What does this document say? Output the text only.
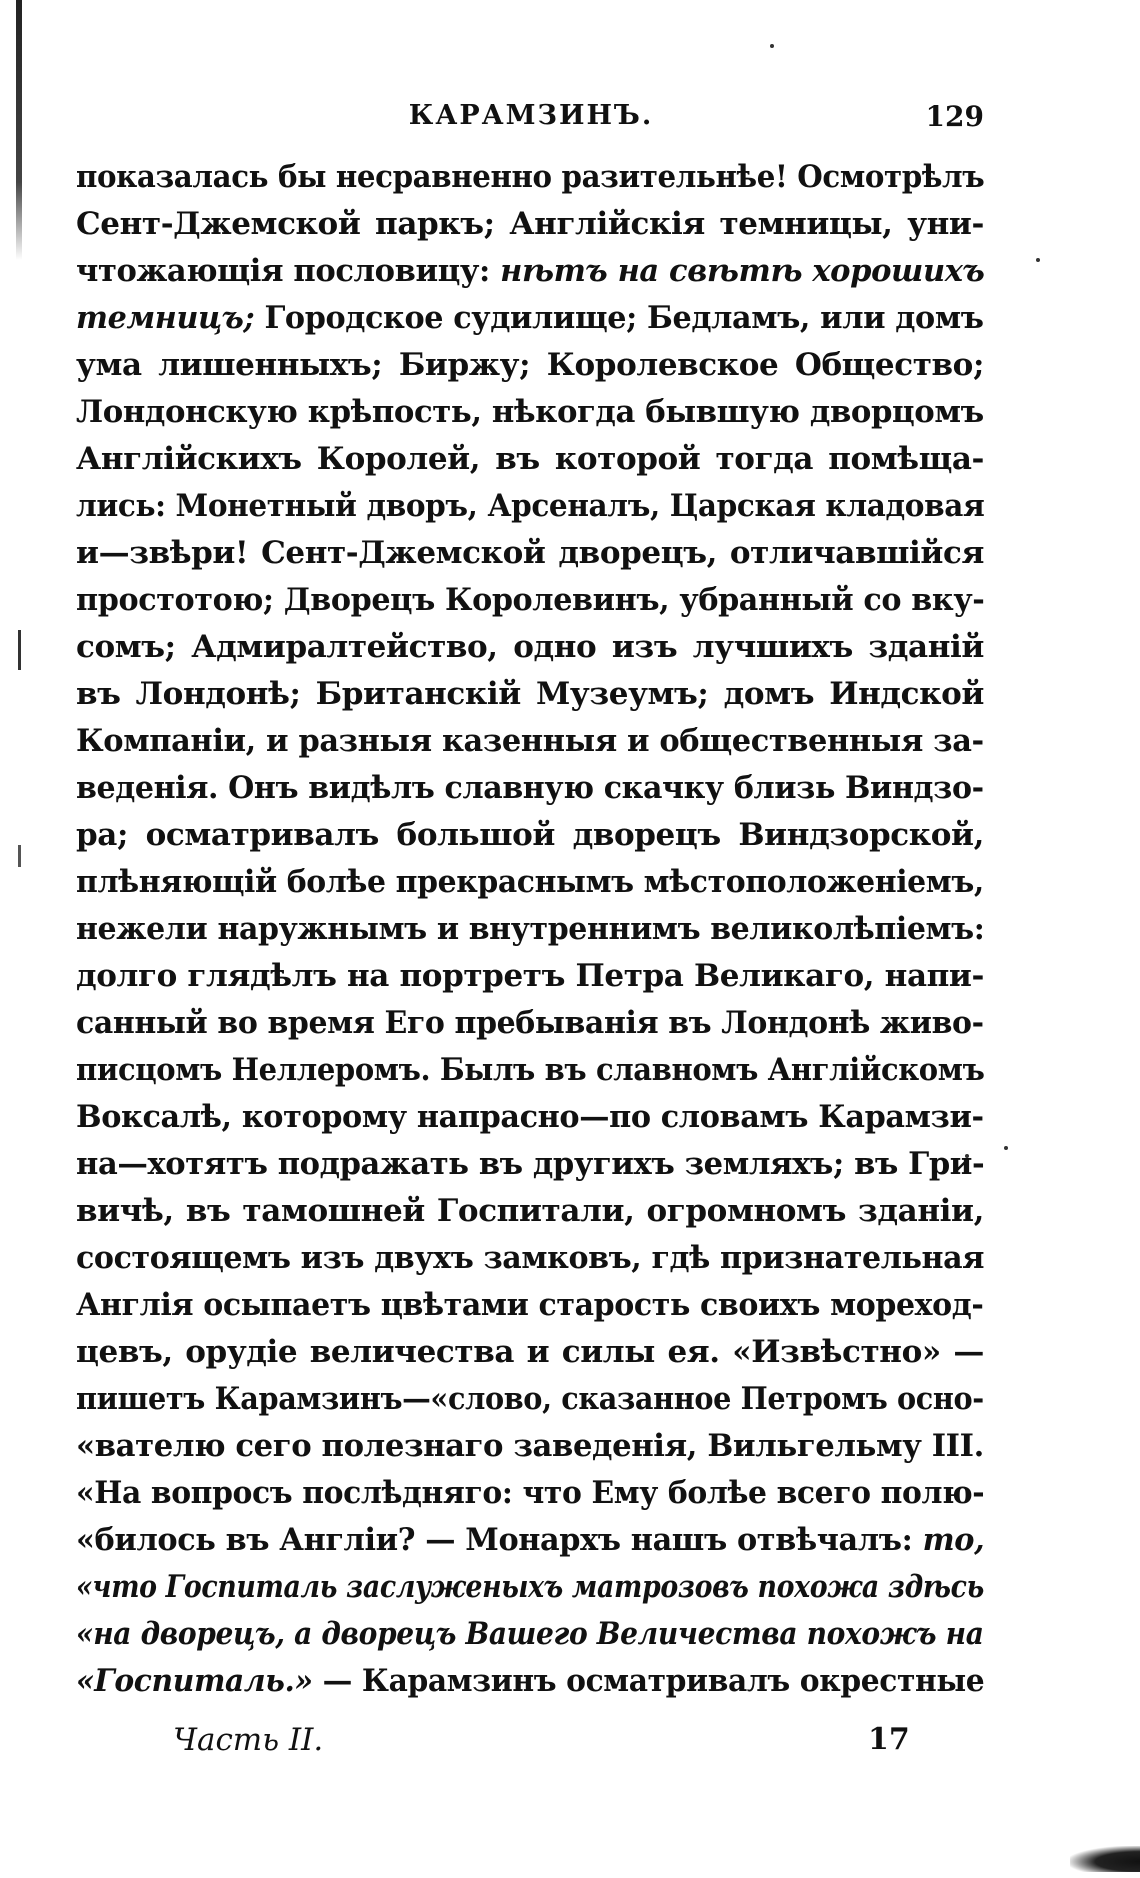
КАРАМЗИНЪ.	129
показалась бы несравненно разительнѣе! Осмотрѣлъ
Сент-Джемской паркъ; Англійскія темницы, уни-
чтожающія пословицу: нѣтъ на свѣтѣ хорошихъ
темницъ; Городское судилище; Бедламъ, или домъ
ума лишенныхъ; Биржу; Королевское Общество;
Лондонскую крѣпость, нѣкогда бывшую дворцомъ
Англійскихъ Королей, въ которой тогда помѣща-
лись: Монетный дворъ, Арсеналъ, Царская кладовая
и—звѣри! Сент-Джемской дворецъ, отличавшійся
простотою; Дворецъ Королевинъ, убранный со вку-
сомъ; Адмиралтейство, одно изъ лучшихъ зданій
въ Лондонѣ; Британскій Музеумъ; домъ Индской
Компаніи, и разныя казенныя и общественныя за-
веденія. Онъ видѣлъ славную скачку близь Виндзо-
ра; осматривалъ большой дворецъ Виндзорской,
плѣняющій болѣе прекраснымъ мѣстоположеніемъ,
нежели наружнымъ и внутреннимъ великолѣпіемъ:
долго глядѣлъ на портретъ Петра Великаго, напи-
санный во время Его пребыванія въ Лондонѣ живо-
писцомъ Неллеромъ. Былъ въ славномъ Англійскомъ
Воксалѣ, которому напрасно—по словамъ Карамзи-
на—хотятъ подражать въ другихъ земляхъ; въ Гри-
вичѣ, въ тамошней Госпитали, огромномъ зданіи,
состоящемъ изъ двухъ замковъ, гдѣ признательная
Англія осыпаетъ цвѣтами старость своихъ мореход-
цевъ, орудіе величества и силы ея. «Извѣстно» —
пишетъ Карамзинъ—«слово, сказанное Петромъ осно-
«вателю сего полезнаго заведенія, Вильгельму III.
«На вопросъ послѣдняго: что Ему болѣе всего полю-
«билось въ Англіи? — Монархъ нашъ отвѣчалъ: то,
«что Госпиталь заслуженыхъ матрозовъ похожа здѣсь
«на дворецъ, а дворецъ Вашего Величества похожъ на
«Госпиталь.» — Карамзинъ осматривалъ окрестные
Часть II.	17
